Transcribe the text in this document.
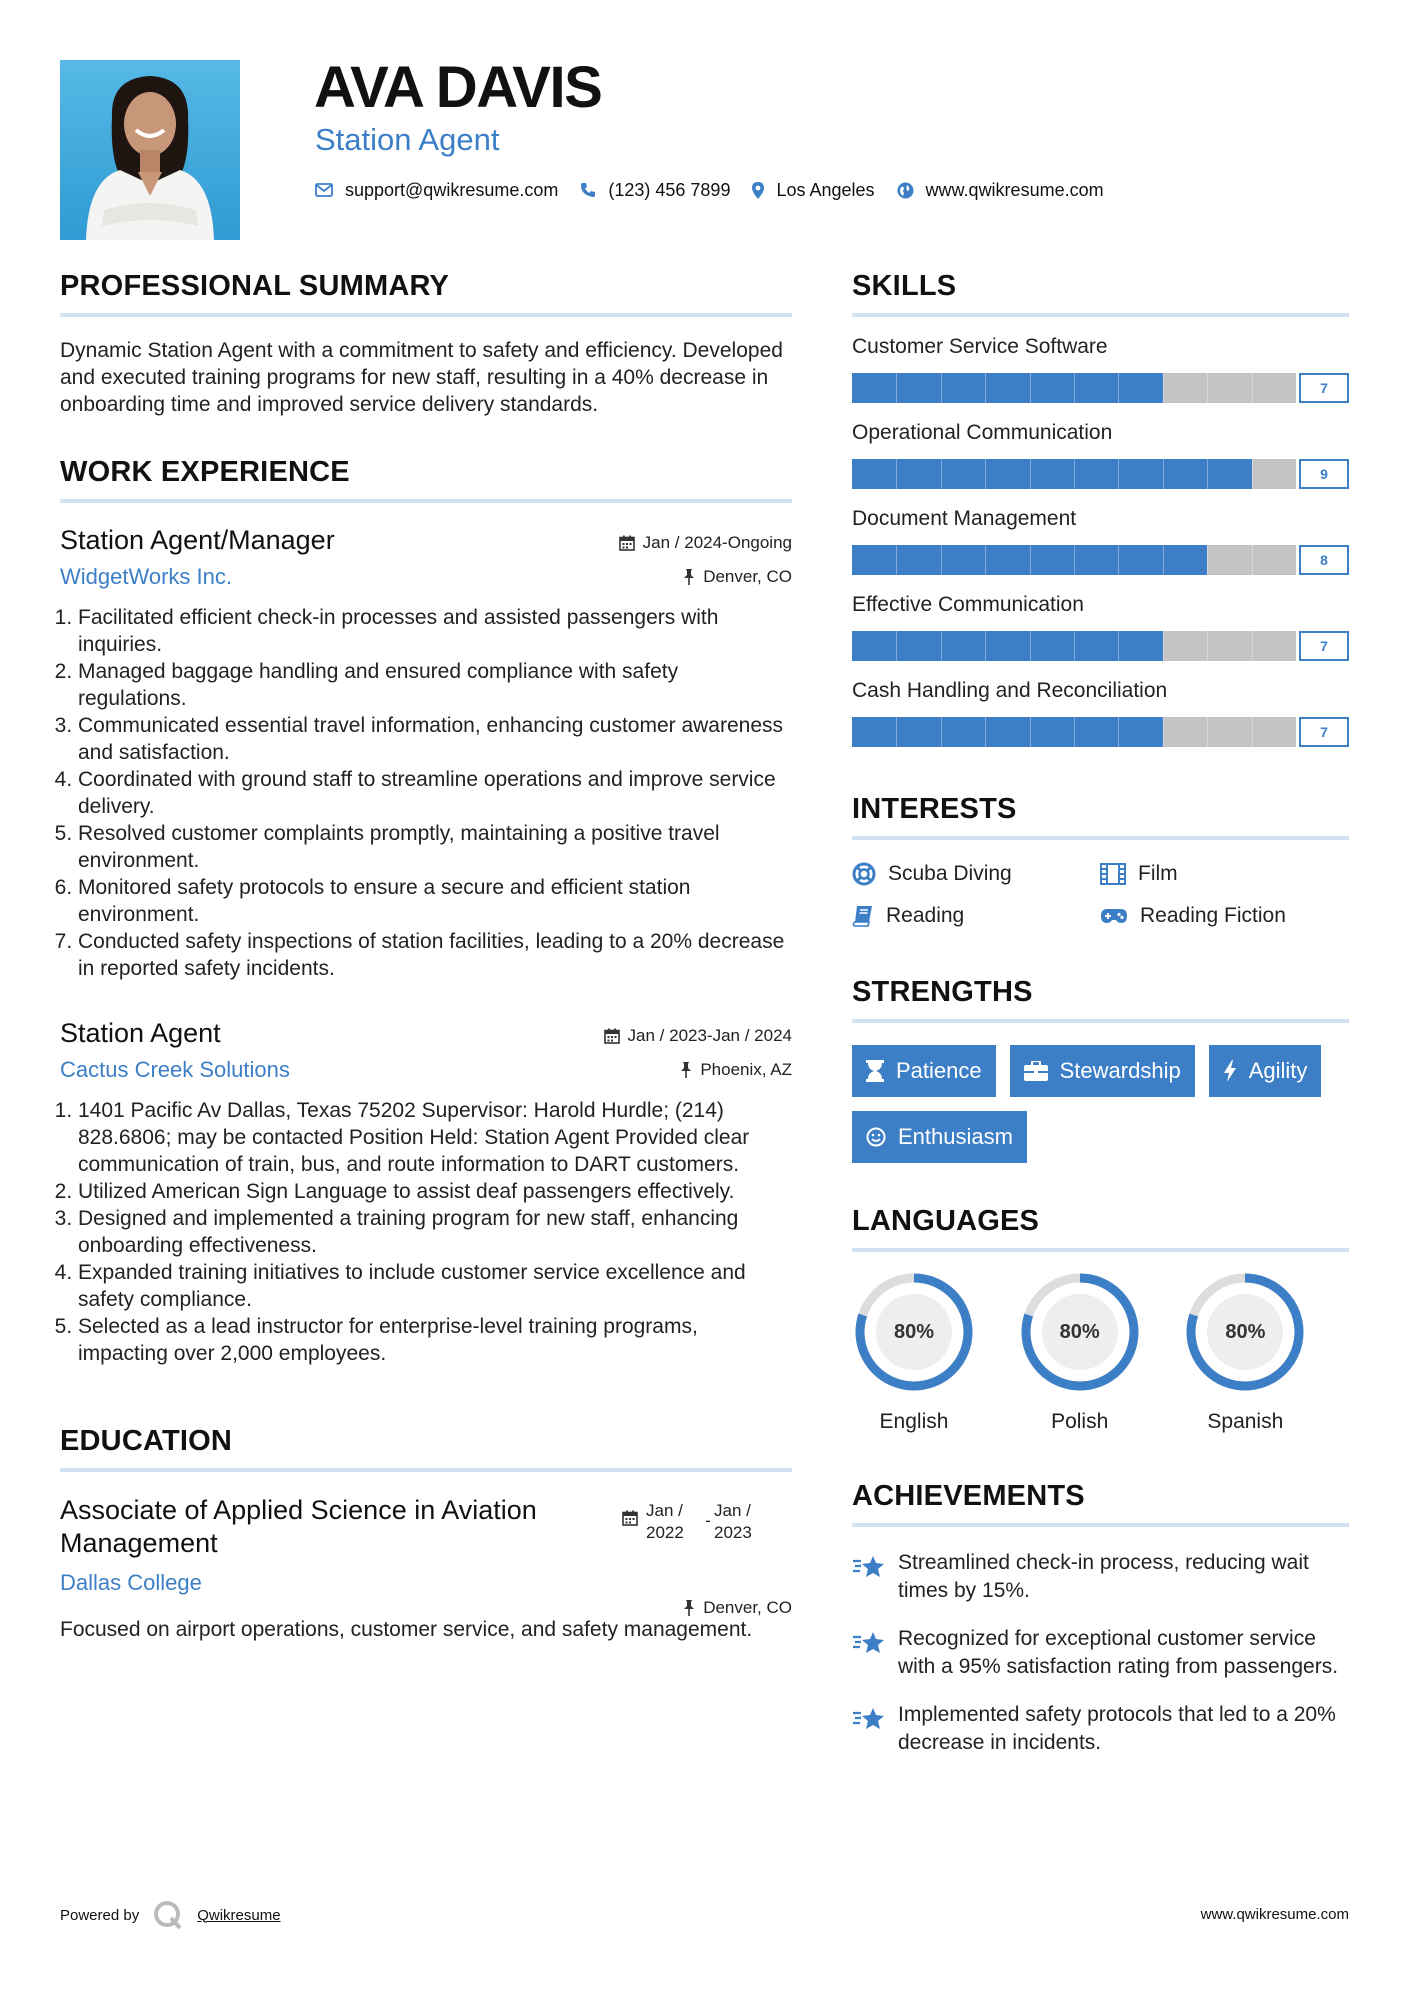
AVA DAVIS
Station Agent
support@qwikresume.com	(123) 456 7899	Los Angeles	www.qwikresume.com
PROFESSIONAL SUMMARY
Dynamic Station Agent with a commitment to safety and efficiency. Developed and executed training programs for new staff, resulting in a 40% decrease in onboarding time and improved service delivery standards.
WORK EXPERIENCE
Station Agent/Manager
WidgetWorks Inc.
Jan / 2024-Ongoing
Denver, CO
1. Facilitated efficient check-in processes and assisted passengers with inquiries.
2. Managed baggage handling and ensured compliance with safety regulations.
3. Communicated essential travel information, enhancing customer awareness and satisfaction.
4. Coordinated with ground staff to streamline operations and improve service delivery.
5. Resolved customer complaints promptly, maintaining a positive travel environment.
6. Monitored safety protocols to ensure a secure and efficient station environment.
7. Conducted safety inspections of station facilities, leading to a 20% decrease in reported safety incidents.
Station Agent
Cactus Creek Solutions
Jan / 2023-Jan / 2024
Phoenix, AZ
1. 1401 Pacific Av Dallas, Texas 75202 Supervisor: Harold Hurdle; (214) 828.6806; may be contacted Position Held: Station Agent Provided clear communication of train, bus, and route information to DART customers.
2. Utilized American Sign Language to assist deaf passengers effectively.
3. Designed and implemented a training program for new staff, enhancing onboarding effectiveness.
4. Expanded training initiatives to include customer service excellence and safety compliance.
5. Selected as a lead instructor for enterprise-level training programs, impacting over 2,000 employees.
EDUCATION
Associate of Applied Science in Aviation Management
Dallas College
Jan /
2022
-
Jan /
2023
Denver, CO
Focused on airport operations, customer service, and safety management.
SKILLS
Customer Service Software
7
Operational Communication
9
Document Management
8
Effective Communication
7
Cash Handling and Reconciliation
7
INTERESTS
Scuba Diving	Film
Reading	Reading Fiction
STRENGTHS
Patience	Stewardship	Agility
Enthusiasm
LANGUAGES
80%
English
80%
Polish
80%
Spanish
ACHIEVEMENTS
Streamlined check-in process, reducing wait times by 15%.
Recognized for exceptional customer service with a 95% satisfaction rating from passengers.
Implemented safety protocols that led to a 20% decrease in incidents.
Powered by	Qwikresume	www.qwikresume.com
